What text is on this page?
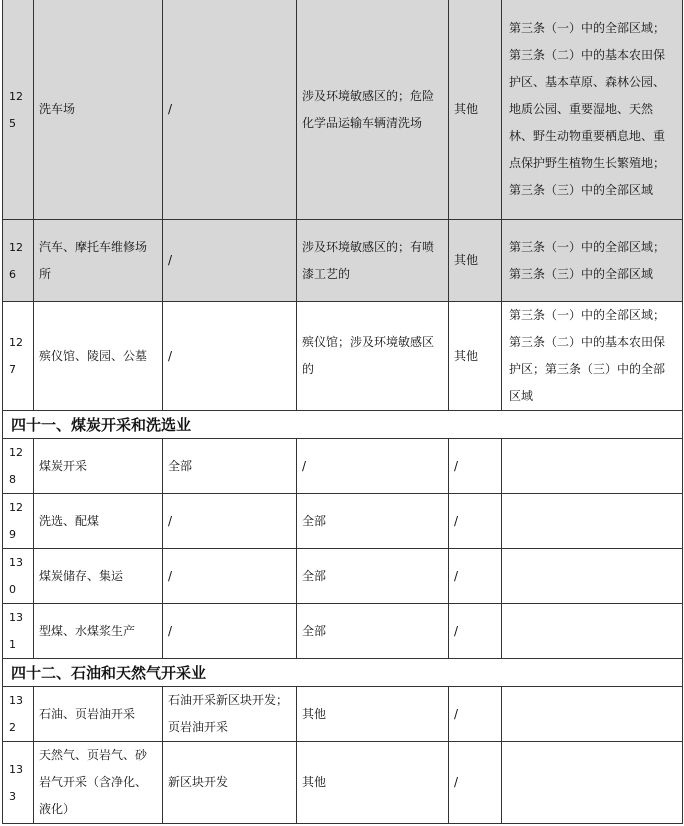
125	洗车场	/	涉及环境敏感区的；危险化学品运输车辆清洗场	其他	第三条（一）中的全部区域；第三条（二）中的基本农田保护区、基本草原、森林公园、地质公园、重要湿地、天然林、野生动物重要栖息地、重点保护野生植物生长繁殖地；第三条（三）中的全部区域
126	汽车、摩托车维修场所	/	涉及环境敏感区的；有喷漆工艺的	其他	第三条（一）中的全部区域；第三条（三）中的全部区域
127	殡仪馆、陵园、公墓	/	殡仪馆；涉及环境敏感区的	其他	第三条（一）中的全部区域；第三条（二）中的基本农田保护区；第三条（三）中的全部区域
四十一、煤炭开采和洗选业					
128	煤炭开采	全部	/	/	
129	洗选、配煤	/	全部	/	
130	煤炭储存、集运	/	全部	/	
131	型煤、水煤浆生产	/	全部	/	
四十二、石油和天然气开采业					
132	石油、页岩油开采	石油开采新区块开发；页岩油开采	其他	/	
133	天然气、页岩气、砂岩气开采（含净化、液化）	新区块开发	其他	/	
